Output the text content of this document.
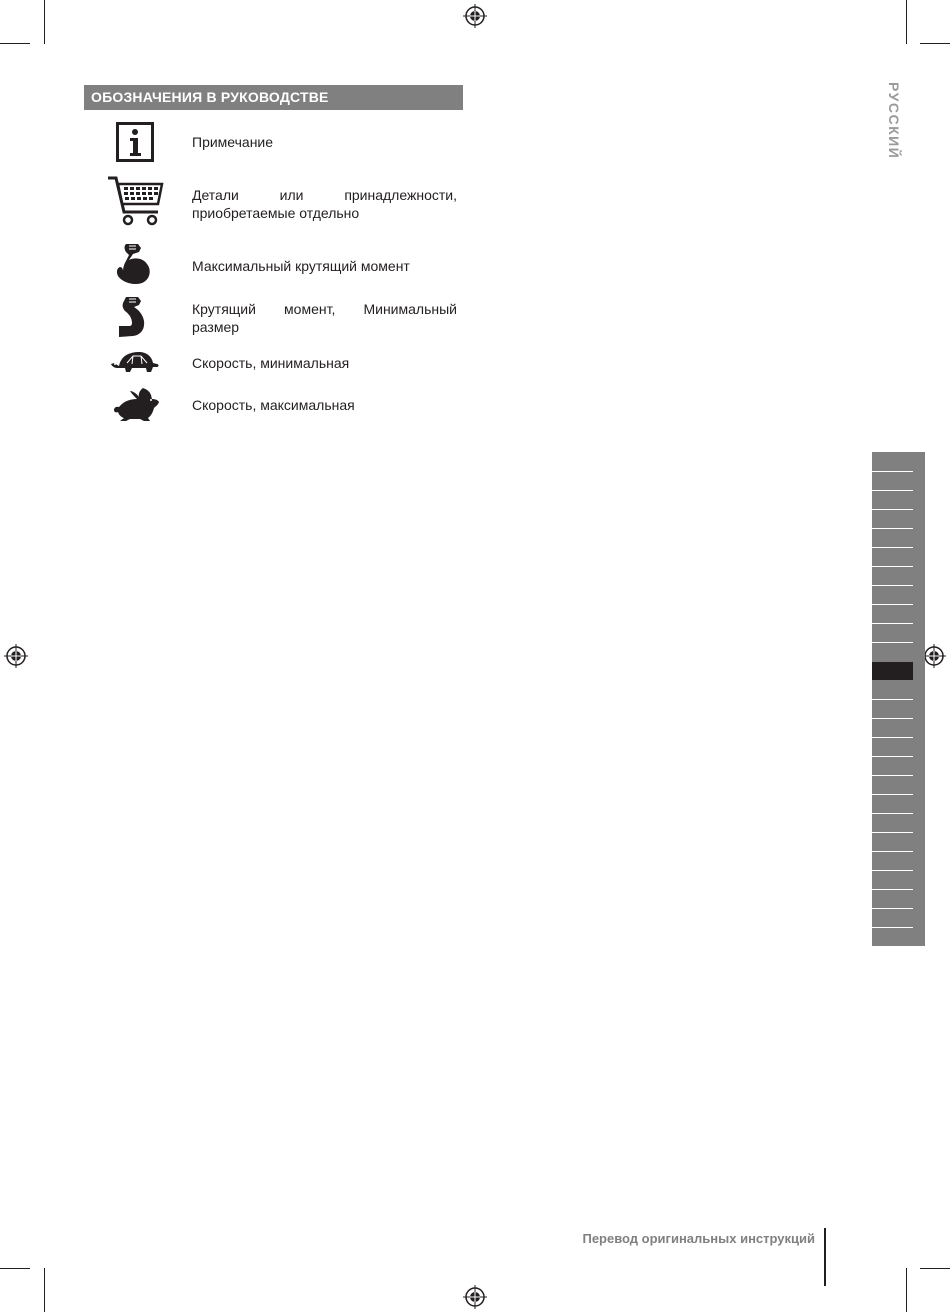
ОБОЗНАЧЕНИЯ В РУКОВОДСТВЕ
Примечание
Детали или принадлежности, приобретаемые отдельно
Максимальный крутящий момент
Крутящий момент, Минимальный размер
Скорость, минимальная
Скорость, максимальная
РУССКИЙ
Перевод оригинальных инструкций
